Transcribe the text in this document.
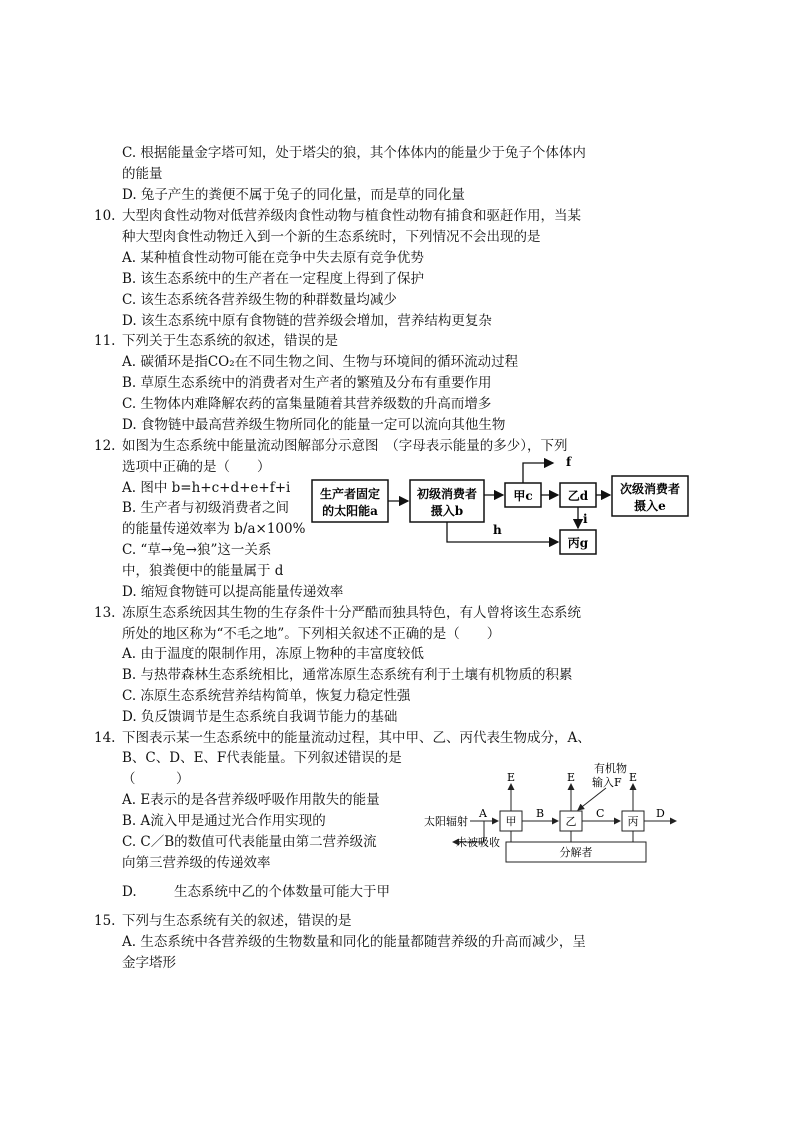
C. 根据能量金字塔可知，处于塔尖的狼，其个体体内的能量少于兔子个体体内
的能量
D. 兔子产生的粪便不属于兔子的同化量，而是草的同化量
10. 大型肉食性动物对低营养级肉食性动物与植食性动物有捕食和驱赶作用，当某
种大型肉食性动物迁入到一个新的生态系统时，下列情况不会出现的是
A. 某种植食性动物可能在竞争中失去原有竞争优势
B. 该生态系统中的生产者在一定程度上得到了保护
C. 该生态系统各营养级生物的种群数量均减少
D. 该生态系统中原有食物链的营养级会增加，营养结构更复杂
11. 下列关于生态系统的叙述，错误的是
A. 碳循环是指CO₂在不同生物之间、生物与环境间的循环流动过程
B. 草原生态系统中的消费者对生产者的繁殖及分布有重要作用
C. 生物体内难降解农药的富集量随着其营养级数的升高而增多
D. 食物链中最高营养级生物所同化的能量一定可以流向其他生物
12. 如图为生态系统中能量流动图解部分示意图　（字母表示能量的多少），下列
选项中正确的是（　　）
A. 图中 b=h+c+d+e+f+i
B. 生产者与初级消费者之间
的能量传递效率为 b/a×100%
C. “草→兔→狼”这一关系
中，狼粪便中的能量属于 d
D. 缩短食物链可以提高能量传递效率
生产者固定
的太阳能a
初级消费者
摄入b
甲c
f
乙d	次级消费者
摄入e
i
丙g
h
13. 冻原生态系统因其生物的生存条件十分严酷而独具特色，有人曾将该生态系统
所处的地区称为“不毛之地”。下列相关叙述不正确的是（　　）
A. 由于温度的限制作用，冻原上物种的丰富度较低
B. 与热带森林生态系统相比，通常冻原生态系统有利于土壤有机物质的积累
C. 冻原生态系统营养结构简单，恢复力稳定性强
D. 负反馈调节是生态系统自我调节能力的基础
14. 下图表示某一生态系统中的能量流动过程，其中甲、乙、丙代表生物成分，A、
B、C、D、E、F代表能量。下列叙述错误的是
（　　　）
A. E表示的是各营养级呼吸作用散失的能量
B. A流入甲是通过光合作用实现的
C. C／B的数值可代表能量由第二营养级流
向第三营养级的传递效率
D.	生态系统中乙的个体数量可能大于甲
太阳辐射
A
未被吸收
甲
E
B
乙
E
有机物
输入F
C
丙
E
D
分解者
15. 下列与生态系统有关的叙述，错误的是
A. 生态系统中各营养级的生物数量和同化的能量都随营养级的升高而减少，呈
金字塔形
